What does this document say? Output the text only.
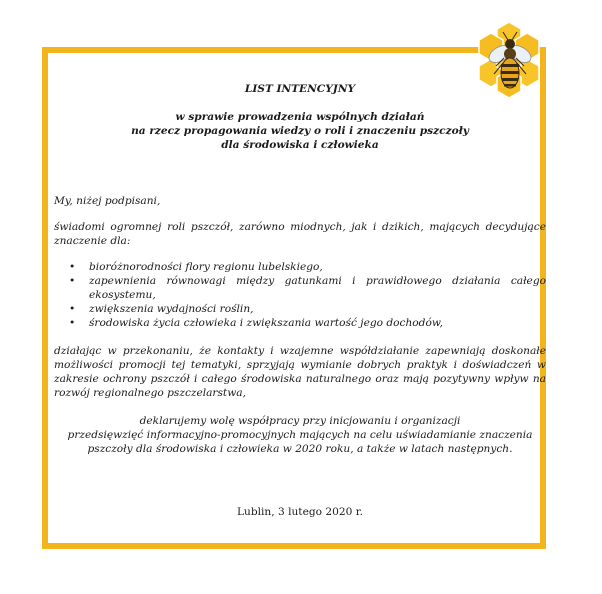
LIST INTENCYJNY
w sprawie prowadzenia wspólnych działań
na rzecz propagowania wiedzy o roli i znaczeniu pszczoły
dla środowiska i człowieka
My, niżej podpisani,
świadomi ogromnej roli pszczół, zarówno miodnych, jak i dzikich, mających decydujące znaczenie dla:
• bioróżnorodności flory regionu lubelskiego,
• zapewnienia równowagi między gatunkami i prawidłowego działania całego ekosystemu,
• zwiększenia wydajności roślin,
• środowiska życia człowieka i zwiększania wartość jego dochodów,
działając w przekonaniu, że kontakty i wzajemne współdziałanie zapewniają doskonałe możliwości promocji tej tematyki, sprzyjają wymianie dobrych praktyk i doświadczeń w zakresie ochrony pszczół i całego środowiska naturalnego oraz mają pozytywny wpływ na rozwój regionalnego pszczelarstwa,
deklarujemy wolę współpracy przy inicjowaniu i organizacji
przedsięwzięć informacyjno-promocyjnych mających na celu uświadamianie znaczenia
pszczoły dla środowiska i człowieka w 2020 roku, a także w latach następnych.
Lublin, 3 lutego 2020 r.
